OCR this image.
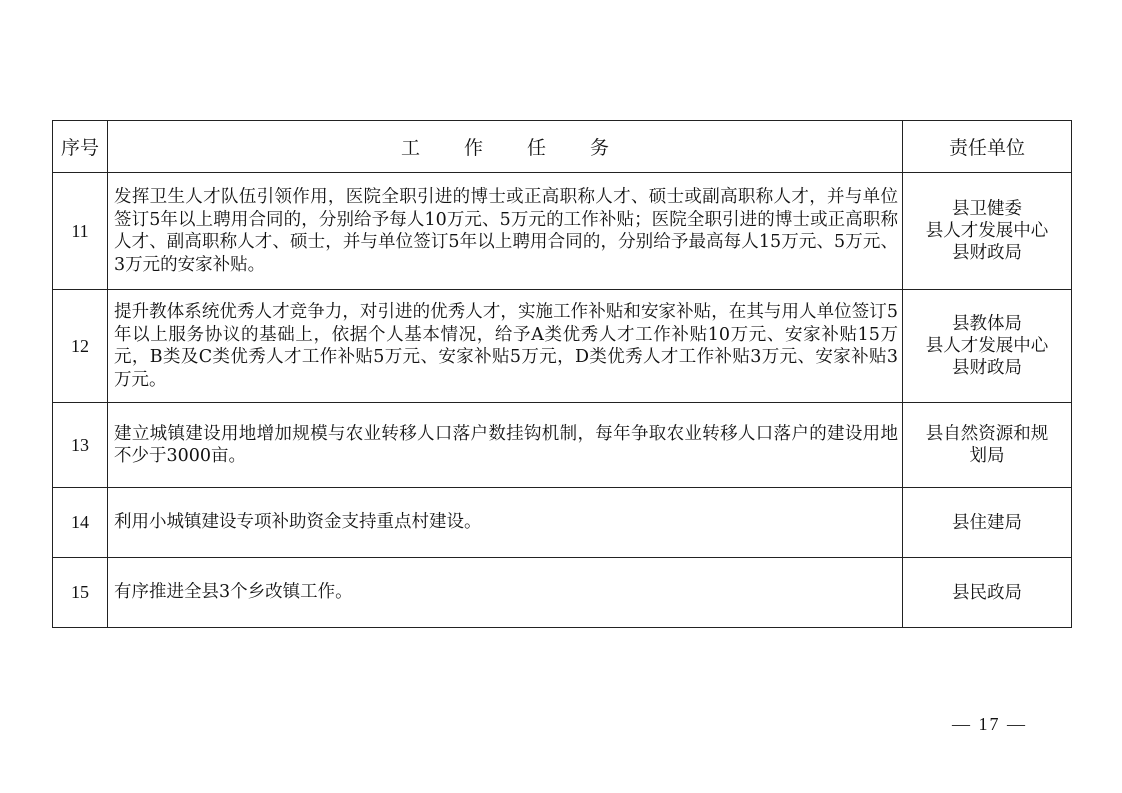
序号	工 作 任 务	责任单位
11	发挥卫生人才队伍引领作用，医院全职引进的博士或正高职称人才、硕士或副高职称人才，并与单位签订5年以上聘用合同的，分别给予每人10万元、5万元的工作补贴；医院全职引进的博士或正高职称人才、副高职称人才、硕士，并与单位签订5年以上聘用合同的，分别给予最高每人15万元、5万元、3万元的安家补贴。	县卫健委
县人才发展中心
县财政局

12	提升教体系统优秀人才竞争力，对引进的优秀人才，实施工作补贴和安家补贴，在其与用人单位签订5年以上服务协议的基础上，依据个人基本情况，给予A类优秀人才工作补贴10万元、安家补贴15万元，B类及C类优秀人才工作补贴5万元、安家补贴5万元，D类优秀人才工作补贴3万元、安家补贴3万元。	县教体局
县人才发展中心
县财政局

13	建立城镇建设用地增加规模与农业转移人口落户数挂钩机制，每年争取农业转移人口落户的建设用地不少于3000亩。	县自然资源和规
划局

14	利用小城镇建设专项补助资金支持重点村建设。	县住建局

15	有序推进全县3个乡改镇工作。	县民政局
— 17 —
